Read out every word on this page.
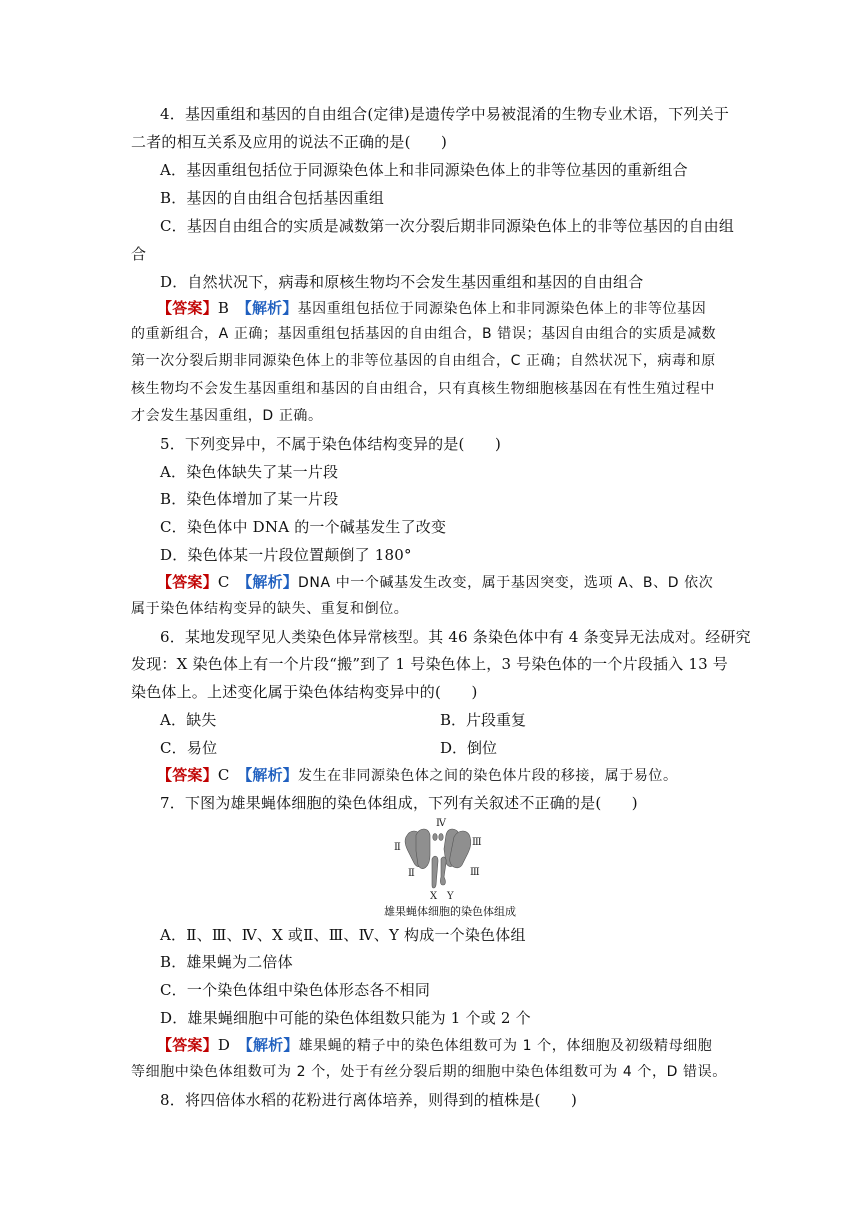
4．基因重组和基因的自由组合(定律)是遗传学中易被混淆的生物专业术语，下列关于
二者的相互关系及应用的说法不正确的是(　　)
A．基因重组包括位于同源染色体上和非同源染色体上的非等位基因的重新组合
B．基因的自由组合包括基因重组
C．基因自由组合的实质是减数第一次分裂后期非同源染色体上的非等位基因的自由组
合
D．自然状况下，病毒和原核生物均不会发生基因重组和基因的自由组合
【答案】B　 【解析】基因重组包括位于同源染色体上和非同源染色体上的非等位基因
的重新组合，A 正确；基因重组包括基因的自由组合，B 错误；基因自由组合的实质是减数
第一次分裂后期非同源染色体上的非等位基因的自由组合，C 正确；自然状况下，病毒和原
核生物均不会发生基因重组和基因的自由组合，只有真核生物细胞核基因在有性生殖过程中
才会发生基因重组，D 正确。
5．下列变异中，不属于染色体结构变异的是(　　)
A．染色体缺失了某一片段
B．染色体增加了某一片段
C．染色体中 DNA 的一个碱基发生了改变
D．染色体某一片段位置颠倒了 180°
【答案】C　 【解析】DNA 中一个碱基发生改变，属于基因突变，选项 A、B、D 依次
属于染色体结构变异的缺失、重复和倒位。
6．某地发现罕见人类染色体异常核型。其 46 条染色体中有 4 条变异无法成对。经研究
发现：X 染色体上有一个片段“搬”到了 1 号染色体上，3 号染色体的一个片段插入 13 号
染色体上。上述变化属于染色体结构变异中的(　　)
A．缺失	B．片段重复
C．易位	D．倒位
【答案】C　 【解析】发生在非同源染色体之间的染色体片段的移接，属于易位。
7．下图为雄果蝇体细胞的染色体组成，下列有关叙述不正确的是(　　)
Ⅳ
Ⅱ	Ⅲ
Ⅱ	Ⅲ
X Y
雄果蝇体细胞的染色体组成
A．Ⅱ、Ⅲ、Ⅳ、X 或Ⅱ、Ⅲ、Ⅳ、Y 构成一个染色体组
B．雄果蝇为二倍体
C．一个染色体组中染色体形态各不相同
D．雄果蝇细胞中可能的染色体组数只能为 1 个或 2 个
【答案】D　 【解析】雄果蝇的精子中的染色体组数可为 1 个，体细胞及初级精母细胞
等细胞中染色体组数可为 2 个，处于有丝分裂后期的细胞中染色体组数可为 4 个，D 错误。
8．将四倍体水稻的花粉进行离体培养，则得到的植株是(　　)
